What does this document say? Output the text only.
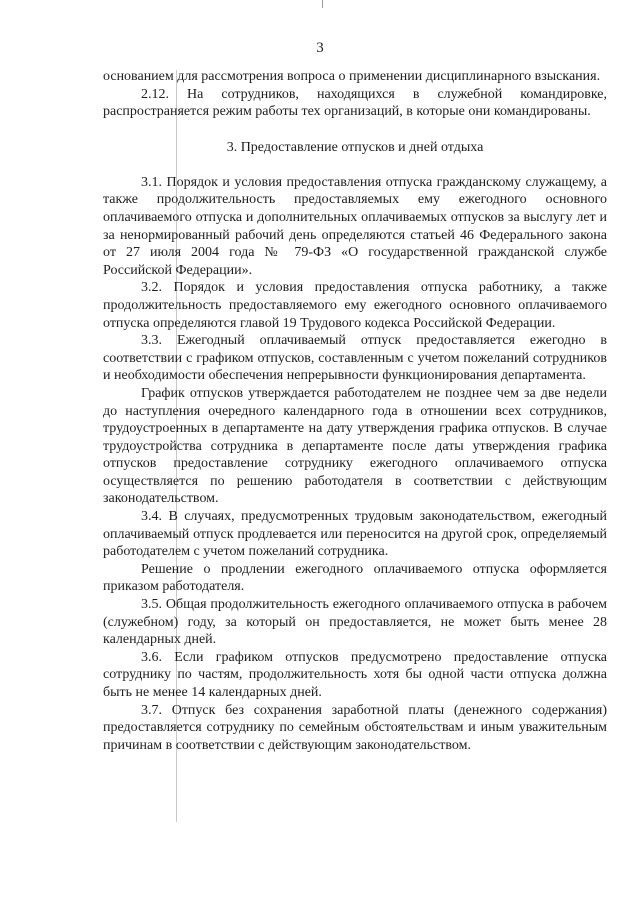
3

основанием для рассмотрения вопроса о применении дисциплинарного взыскания.

2.12. На сотрудников, находящихся в служебной командировке, распространяется режим работы тех организаций, в которые они командированы.

3. Предоставление отпусков и дней отдыха

3.1. Порядок и условия предоставления отпуска гражданскому служащему, а также продолжительность предоставляемых ему ежегодного основного оплачиваемого отпуска и дополнительных оплачиваемых отпусков за выслугу лет и за ненормированный рабочий день определяются статьей 46 Федерального закона от 27 июля 2004 года № 79-ФЗ «О государственной гражданской службе Российской Федерации».

3.2. Порядок и условия предоставления отпуска работнику, а также продолжительность предоставляемого ему ежегодного основного оплачиваемого отпуска определяются главой 19 Трудового кодекса Российской Федерации.

3.3. Ежегодный оплачиваемый отпуск предоставляется ежегодно в соответствии с графиком отпусков, составленным с учетом пожеланий сотрудников и необходимости обеспечения непрерывности функционирования департамента.

График отпусков утверждается работодателем не позднее чем за две недели до наступления очередного календарного года в отношении всех сотрудников, трудоустроенных в департаменте на дату утверждения графика отпусков. В случае трудоустройства сотрудника в департаменте после даты утверждения графика отпусков предоставление сотруднику ежегодного оплачиваемого отпуска осуществляется по решению работодателя в соответствии с действующим законодательством.

3.4. В случаях, предусмотренных трудовым законодательством, ежегодный оплачиваемый отпуск продлевается или переносится на другой срок, определяемый работодателем с учетом пожеланий сотрудника.

Решение о продлении ежегодного оплачиваемого отпуска оформляется приказом работодателя.

3.5. Общая продолжительность ежегодного оплачиваемого отпуска в рабочем (служебном) году, за который он предоставляется, не может быть менее 28 календарных дней.

3.6. Если графиком отпусков предусмотрено предоставление отпуска сотруднику по частям, продолжительность хотя бы одной части отпуска должна быть не менее 14 календарных дней.

3.7. Отпуск без сохранения заработной платы (денежного содержания) предоставляется сотруднику по семейным обстоятельствам и иным уважительным причинам в соответствии с действующим законодательством.
